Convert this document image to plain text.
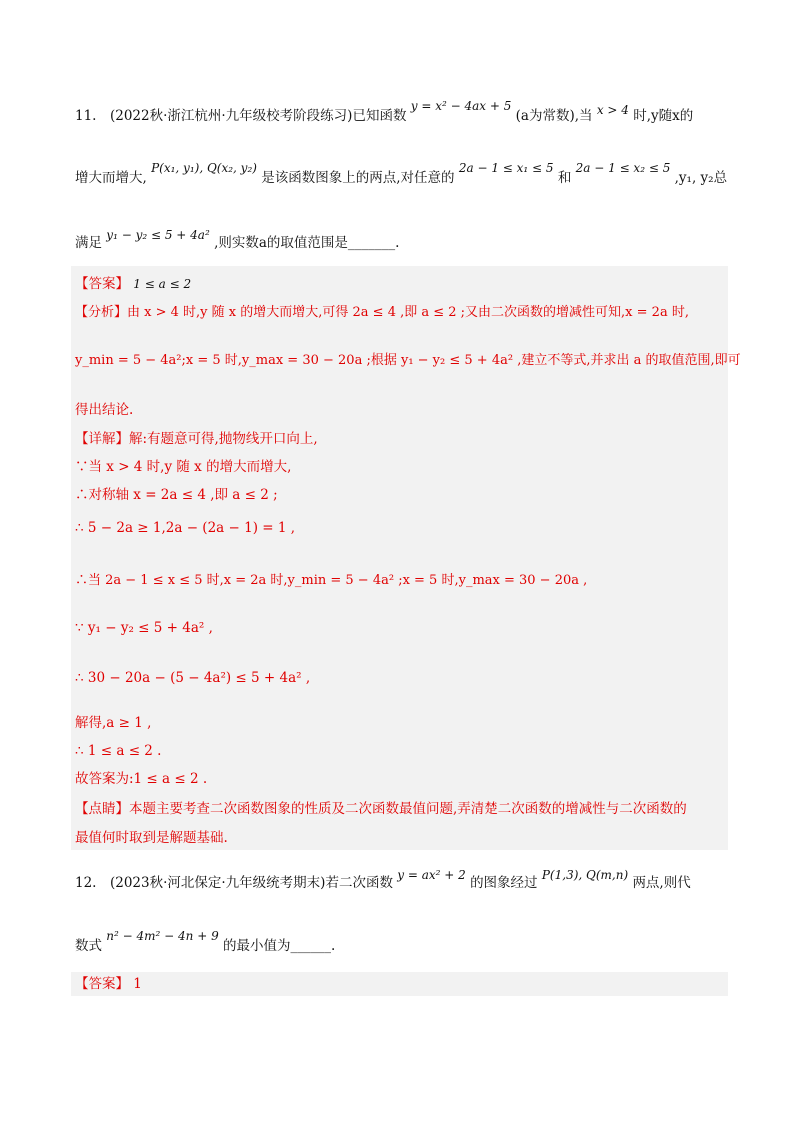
11.　(2022秋·浙江杭州·九年级校考阶段练习)已知函数 y = x² − 4ax + 5 (a为常数),当 x > 4 时,y随x的
增大而增大, P(x₁, y₁), Q(x₂, y₂) 是该函数图象上的两点,对任意的 2a − 1 ≤ x₁ ≤ 5 和 2a − 1 ≤ x₂ ≤ 5 ,y₁, y₂总
满足 y₁ − y₂ ≤ 5 + 4a² ,则实数a的取值范围是_______.
【答案】 1 ≤ a ≤ 2
【分析】由 x > 4 时,y 随 x 的增大而增大,可得 2a ≤ 4 ,即 a ≤ 2 ;又由二次函数的增减性可知,x = 2a 时,
y_min = 5 − 4a²;x = 5 时,y_max = 30 − 20a ;根据 y₁ − y₂ ≤ 5 + 4a² ,建立不等式,并求出 a 的取值范围,即可
得出结论.
【详解】解:有题意可得,抛物线开口向上,
∵当 x > 4 时,y 随 x 的增大而增大,
∴对称轴 x = 2a ≤ 4 ,即 a ≤ 2 ;
∴ 5 − 2a ≥ 1,2a − (2a − 1) = 1 ,
∴当 2a − 1 ≤ x ≤ 5 时,x = 2a 时,y_min = 5 − 4a² ;x = 5 时,y_max = 30 − 20a ,
∵ y₁ − y₂ ≤ 5 + 4a² ,
∴ 30 − 20a − (5 − 4a²) ≤ 5 + 4a² ,
解得,a ≥ 1 ,
∴ 1 ≤ a ≤ 2 .
故答案为:1 ≤ a ≤ 2 .
【点睛】本题主要考查二次函数图象的性质及二次函数最值问题,弄清楚二次函数的增减性与二次函数的
最值何时取到是解题基础.
12.　(2023秋·河北保定·九年级统考期末)若二次函数 y = ax² + 2 的图象经过 P(1,3), Q(m,n) 两点,则代
数式 n² − 4m² − 4n + 9 的最小值为______.
【答案】 1
